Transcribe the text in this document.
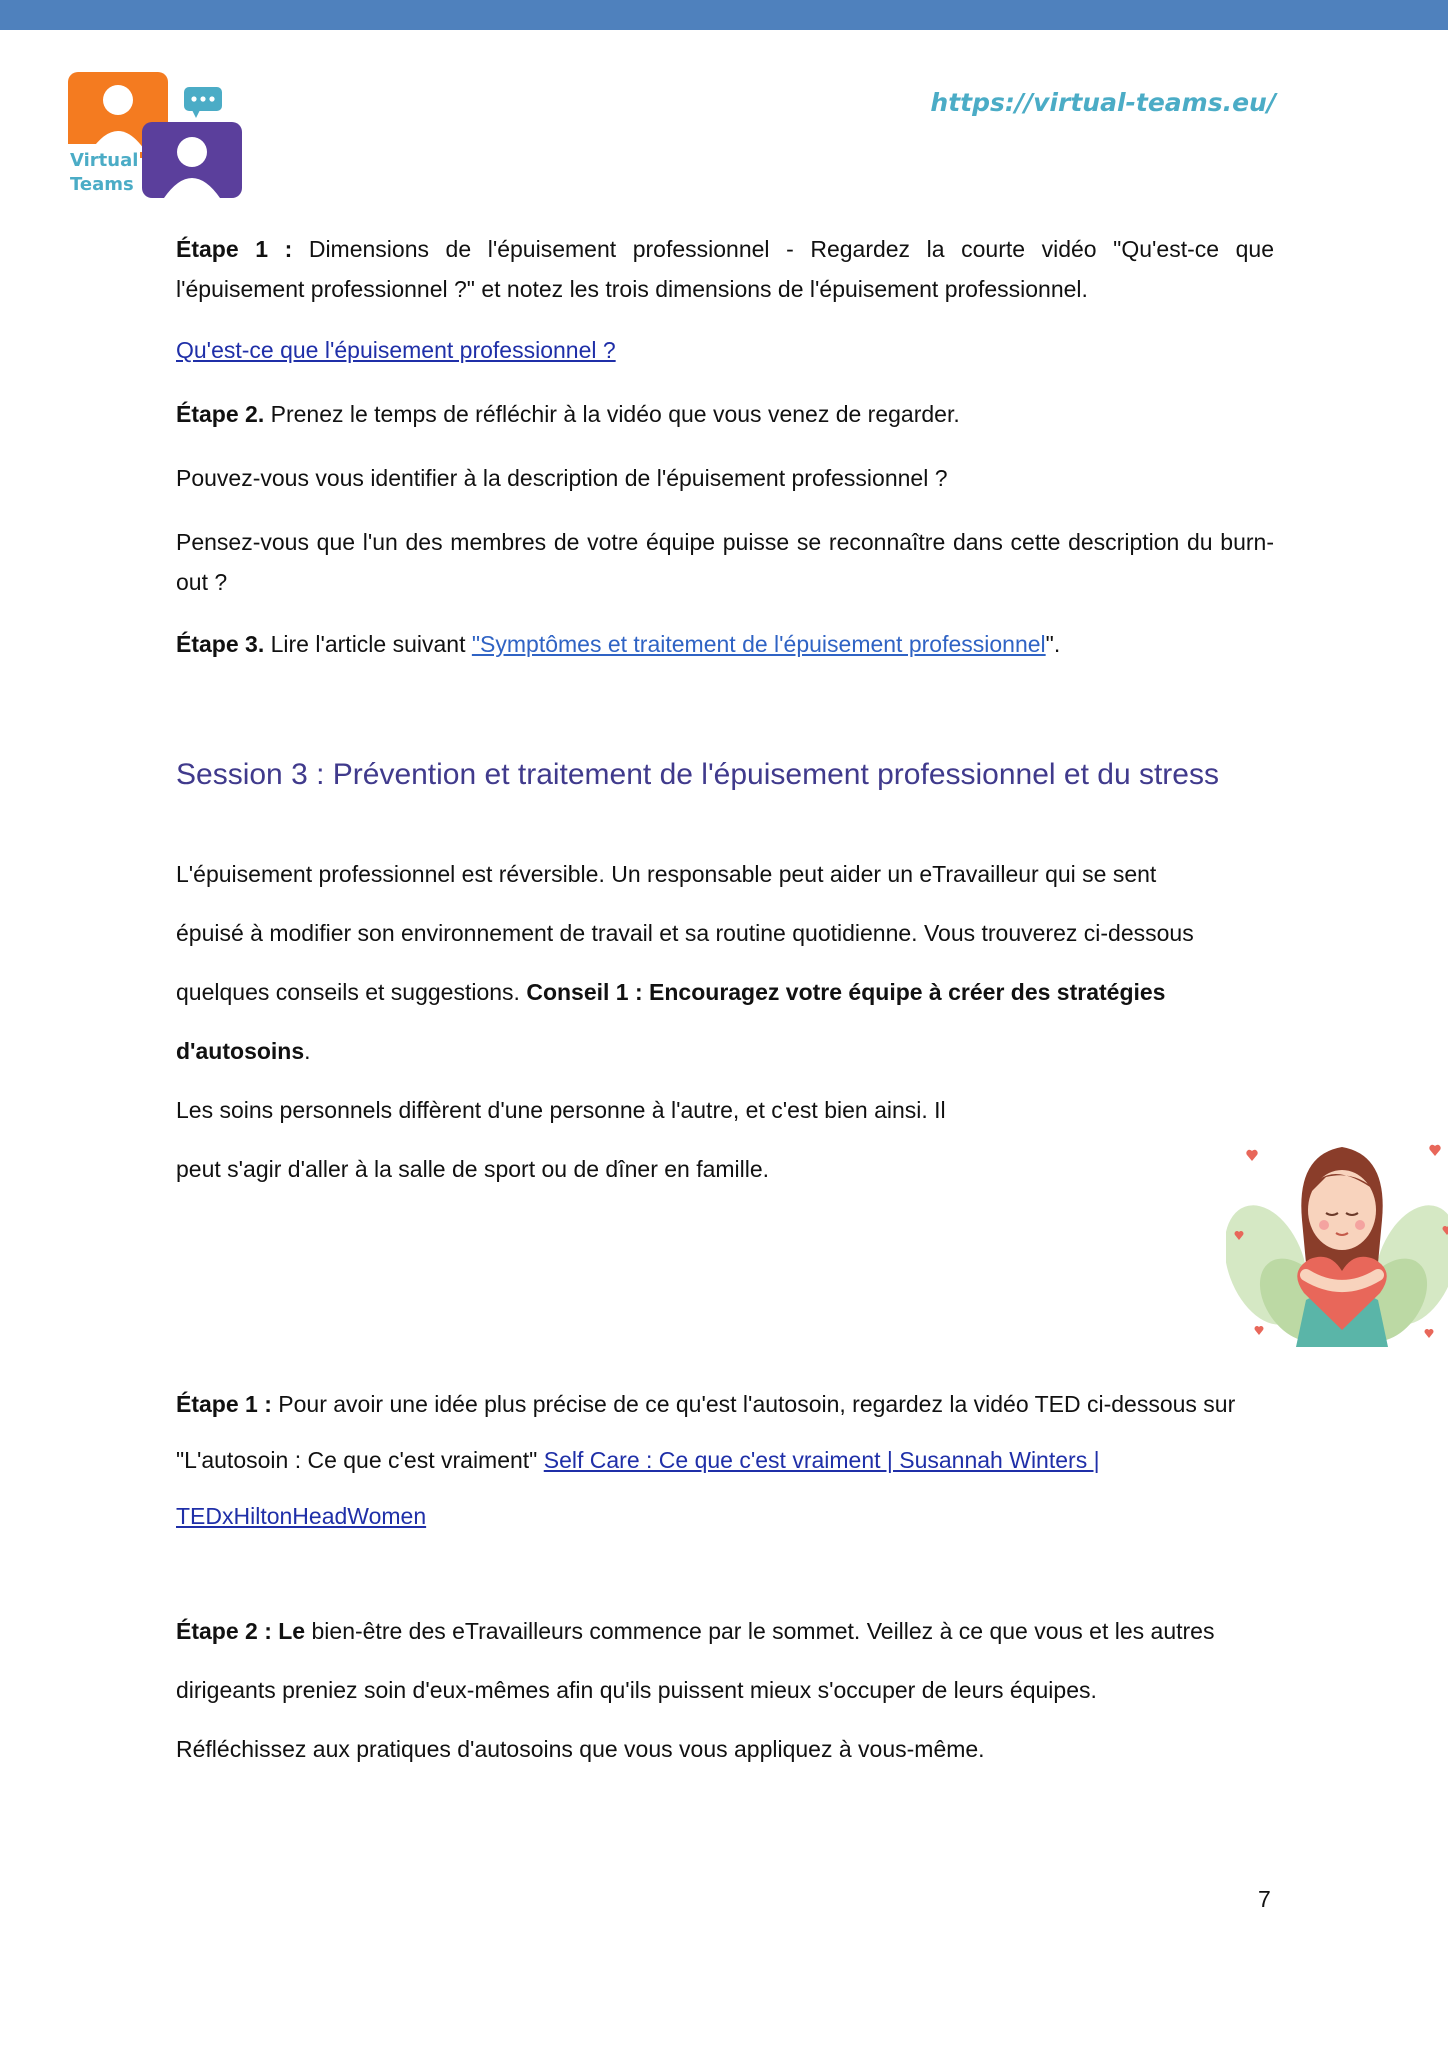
Virtual
Teams
https://virtual-teams.eu/

Étape 1 : Dimensions de l'épuisement professionnel - Regardez la courte vidéo "Qu'est-ce que l'épuisement professionnel ?" et notez les trois dimensions de l'épuisement professionnel.

Qu'est-ce que l'épuisement professionnel ?

Étape 2. Prenez le temps de réfléchir à la vidéo que vous venez de regarder.

Pouvez-vous vous identifier à la description de l'épuisement professionnel ?

Pensez-vous que l'un des membres de votre équipe puisse se reconnaître dans cette description du burn-out ?

Étape 3. Lire l'article suivant "Symptômes et traitement de l'épuisement professionnel".

Session 3 : Prévention et traitement de l'épuisement professionnel et du stress

L'épuisement professionnel est réversible. Un responsable peut aider un eTravailleur qui se sent

épuisé à modifier son environnement de travail et sa routine quotidienne. Vous trouverez ci-dessous

quelques conseils et suggestions. Conseil 1 : Encouragez votre équipe à créer des stratégies

d'autosoins.

Les soins personnels diffèrent d'une personne à l'autre, et c'est bien ainsi. Il

peut s'agir d'aller à la salle de sport ou de dîner en famille.

Étape 1 : Pour avoir une idée plus précise de ce qu'est l'autosoin, regardez la vidéo TED ci-dessous sur

"L'autosoin : Ce que c'est vraiment" Self Care : Ce que c'est vraiment | Susannah Winters |

TEDxHiltonHeadWomen

Étape 2 : Le bien-être des eTravailleurs commence par le sommet. Veillez à ce que vous et les autres

dirigeants preniez soin d'eux-mêmes afin qu'ils puissent mieux s'occuper de leurs équipes.

Réfléchissez aux pratiques d'autosoins que vous vous appliquez à vous-même.

7
